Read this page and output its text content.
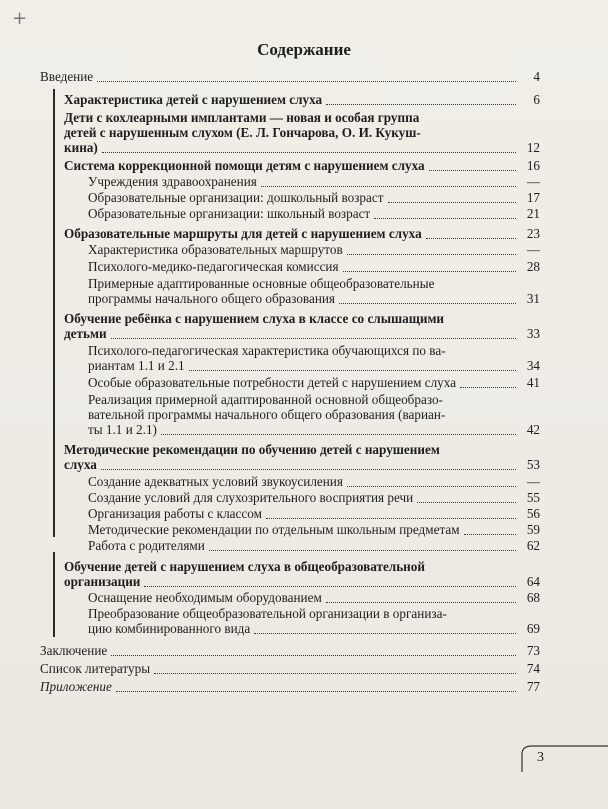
+
Содержание
Введение	4
Характеристика детей с нарушением слуха	6
Дети с кохлеарными имплантами — новая и особая группа
детей с нарушенным слухом (Е. Л. Гончарова, О. И. Кукуш-
кина)	12
Система коррекционной помощи детям с нарушением слуха	16
Учреждения здравоохранения	—
Образовательные организации: дошкольный возраст	17
Образовательные организации: школьный возраст	21
Образовательные маршруты для детей с нарушением слуха	23
Характеристика образовательных маршрутов	—
Психолого-медико-педагогическая комиссия	28
Примерные адаптированные основные общеобразовательные
программы начального общего образования	31
Обучение ребёнка с нарушением слуха в классе со слышащими
детьми	33
Психолого-педагогическая характеристика обучающихся по ва-
риантам 1.1 и 2.1	34
Особые образовательные потребности детей с нарушением слуха	41
Реализация примерной адаптированной основной общеобразо-
вательной программы начального общего образования (вариан-
ты 1.1 и 2.1)	42
Методические рекомендации по обучению детей с нарушением
слуха	53
Создание адекватных условий звукоусиления	—
Создание условий для слухозрительного восприятия речи	55
Организация работы с классом	56
Методические рекомендации по отдельным школьным предметам	59
Работа с родителями	62
Обучение детей с нарушением слуха в общеобразовательной
организации	64
Оснащение необходимым оборудованием	68
Преобразование общеобразовательной организации в организа-
цию комбинированного вида	69
Заключение	73
Список литературы	74
Приложение	77
3
